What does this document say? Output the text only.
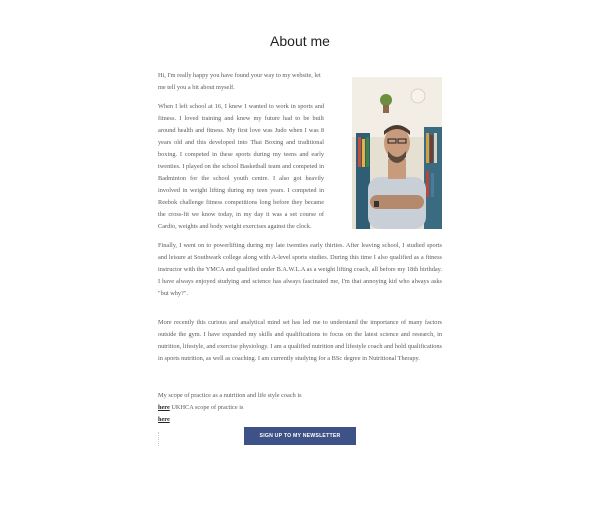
About me

Hi, I'm really happy you have found your way to my website, let me tell you a bit about myself.

When I left school at 16, I knew I wanted to work in sports and fitness. I loved training and knew my future had to be built around health and fitness. My first love was Judo when I was 8 years old and this developed into Thai Boxing and traditional boxing. I competed in these sports during my teens and early twenties. I played on the school Basketball team and competed in Badminton for the school youth centre. I also got heavily involved in weight lifting during my teen years. I competed in Reebok challenge fitness competitions long before they became the cross-fit we know today, in my day it was a set course of Cardio, weights and body weight exercises against the clock.

Finally, I went on to powerlifting during my late twenties early thirties. After leaving school, I studied sports and leisure at Southwark college along with A-level sports studies. During this time I also qualified as a fitness instructor with the YMCA and qualified under B.A.W.L.A as a weight lifting coach, all before my 18th birthday. I have always enjoyed studying and science has always fascinated me, I'm that annoying kid who always asks "but why?".

More recently this curious and analytical mind set has led me to understand the importance of many factors outside the gym. I have expanded my skills and qualifications to focus on the latest science and research, in nutrition, lifestyle, and exercise physiology. I am a qualified nutrition and lifestyle coach and hold qualifications in sports nutrition, as well as coaching. I am currently studying for a BSc degree in Nutritional Therapy.

My scope of practice as a nutrition and life style coach is

here UKHCA scope of practice is

here

SIGN UP TO MY NEWSLETTER
